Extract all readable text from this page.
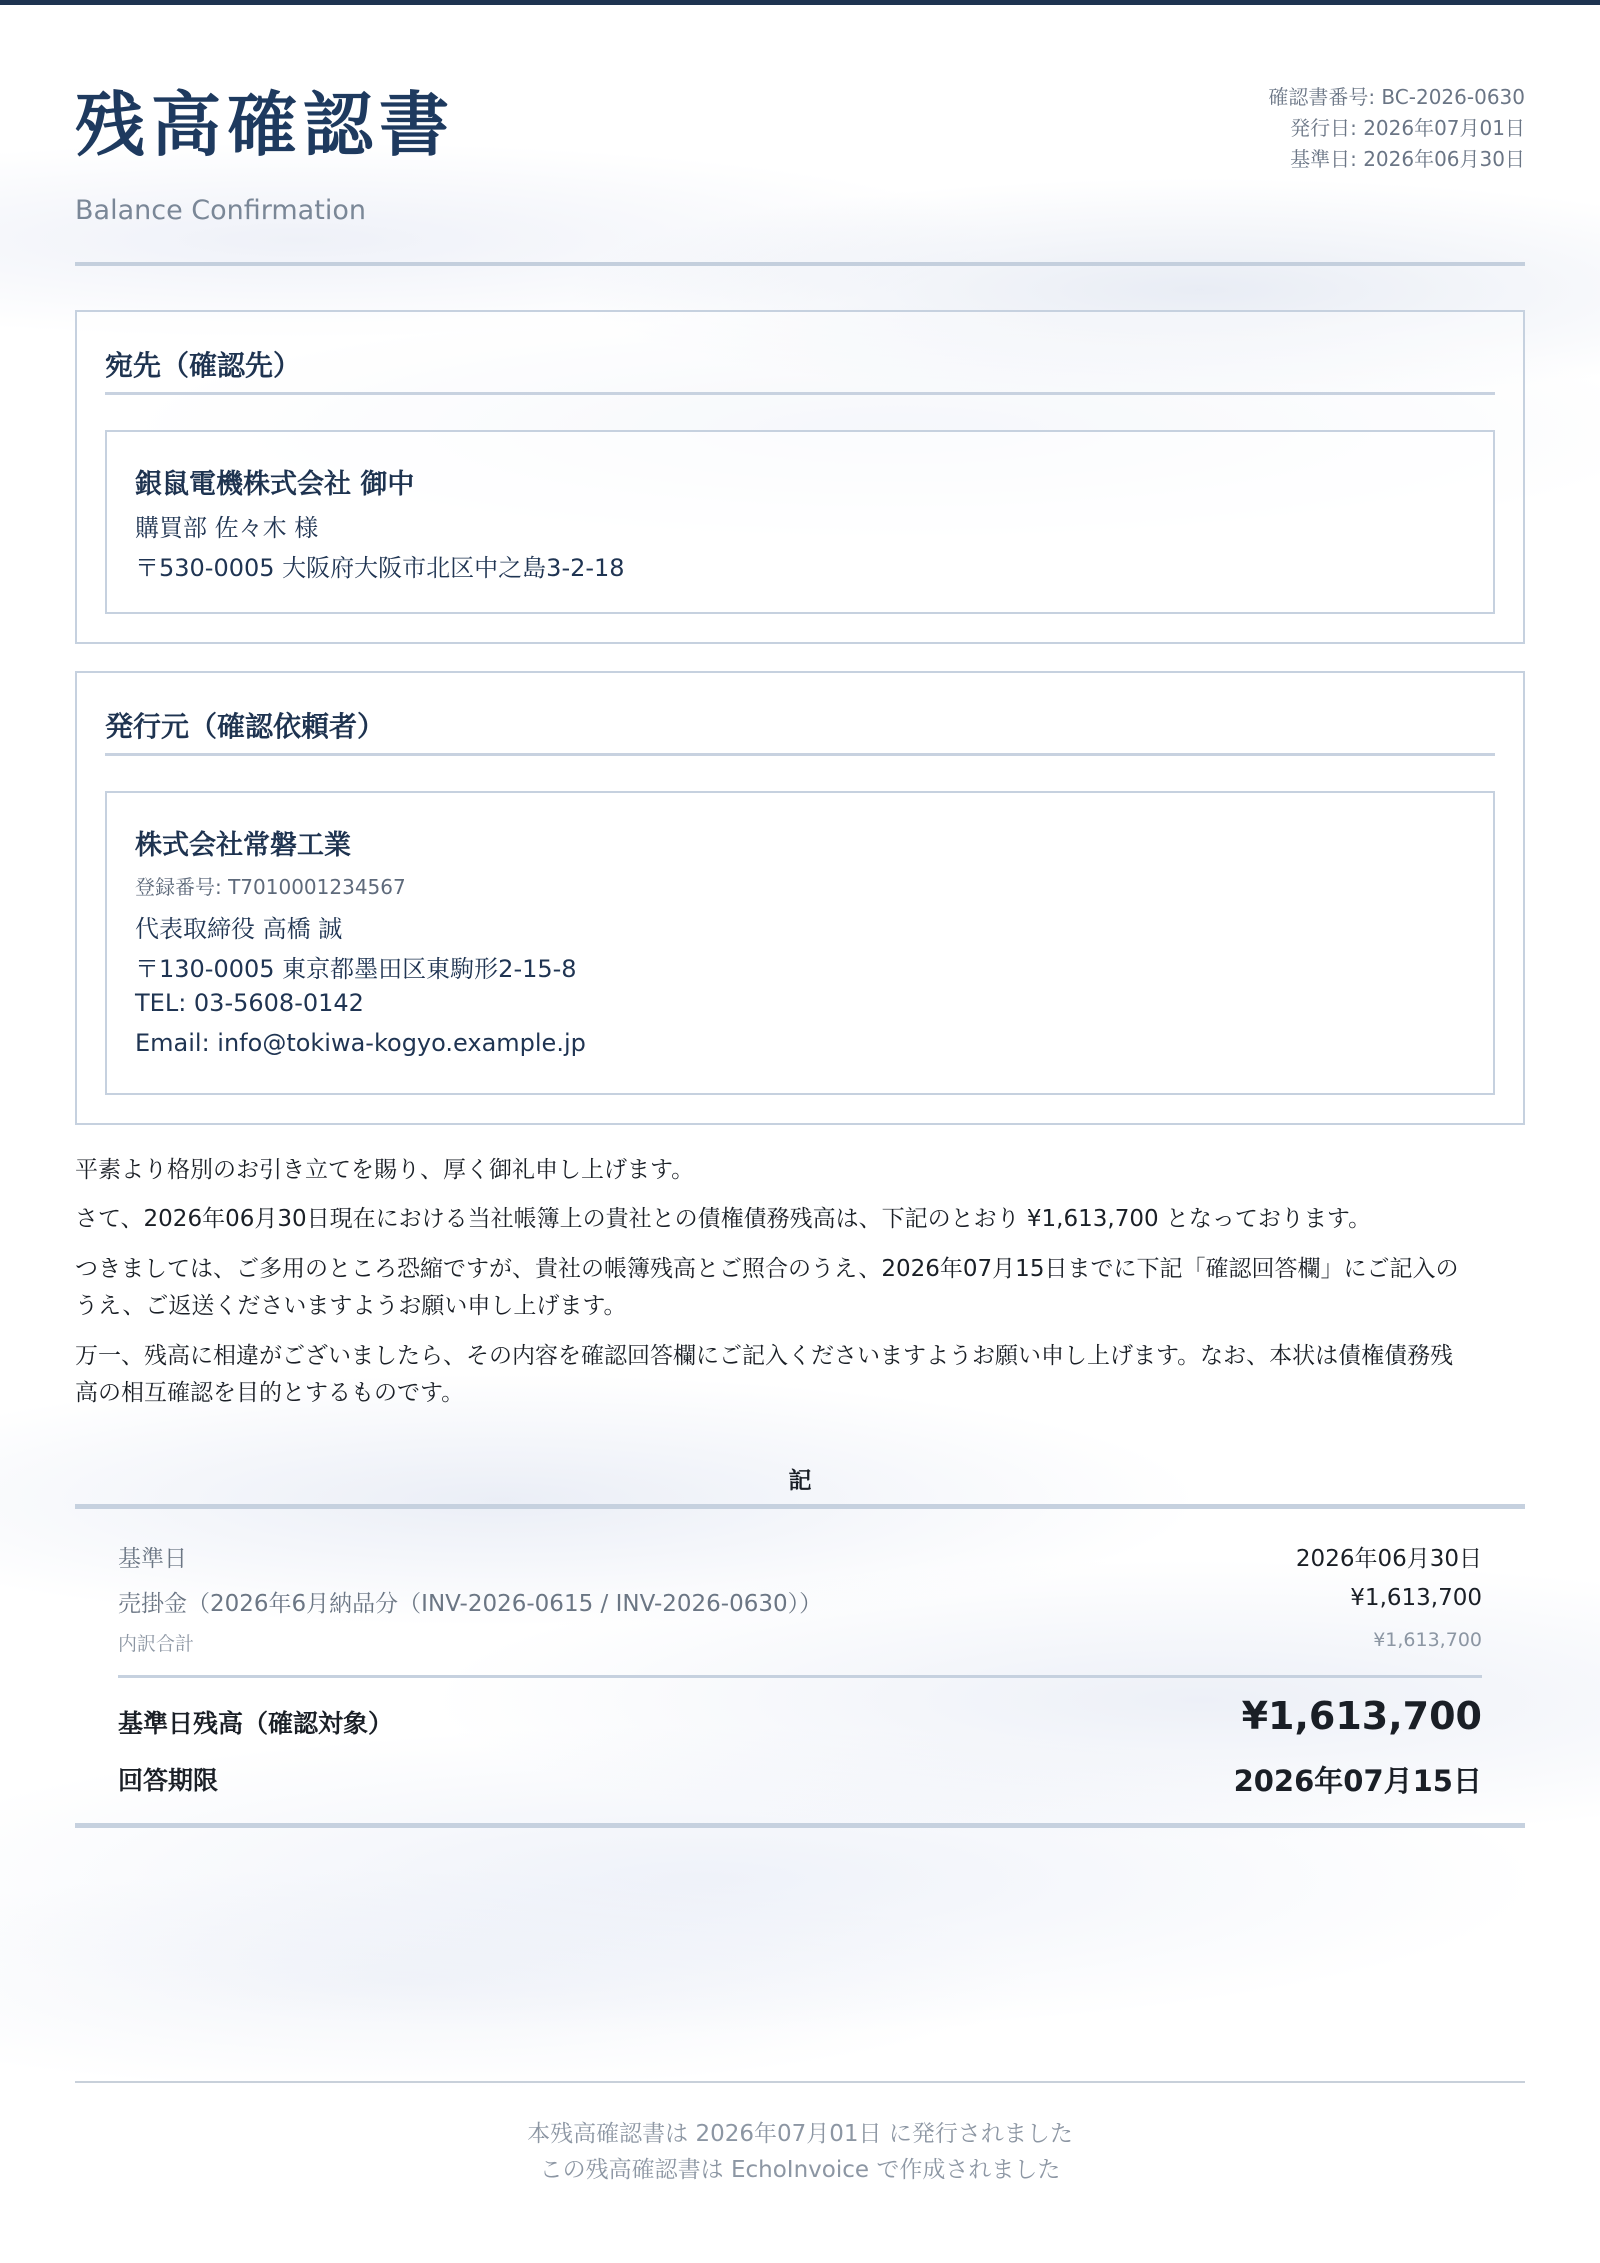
残高確認書
Balance Confirmation
確認書番号: BC-2026-0630
発行日: 2026年07月01日
基準日: 2026年06月30日
宛先（確認先）
銀鼠電機株式会社 御中
購買部 佐々木 様
〒530-0005 大阪府大阪市北区中之島3-2-18
発行元（確認依頼者）
株式会社常磐工業
登録番号: T7010001234567
代表取締役 高橋 誠
〒130-0005 東京都墨田区東駒形2-15-8
TEL: 03-5608-0142
Email: info@tokiwa-kogyo.example.jp

平素より格別のお引き立てを賜り、厚く御礼申し上げます。

さて、2026年06月30日現在における当社帳簿上の貴社との債権債務残高は、下記のとおり ¥1,613,700 となっております。

つきましては、ご多用のところ恐縮ですが、貴社の帳簿残高とご照合のうえ、2026年07月15日までに下記「確認回答欄」にご記入の

うえ、ご返送くださいますようお願い申し上げます。

万一、残高に相違がございましたら、その内容を確認回答欄にご記入くださいますようお願い申し上げます。なお、本状は債権債務残

高の相互確認を目的とするものです。

記
基準日	2026年06月30日
売掛金（2026年6月納品分（INV-2026-0615 / INV-2026-0630））	¥1,613,700
内訳合計	¥1,613,700
基準日残高（確認対象）	¥1,613,700
回答期限	2026年07月15日
本残高確認書は 2026年07月01日 に発行されました
この残高確認書は EchoInvoice で作成されました
